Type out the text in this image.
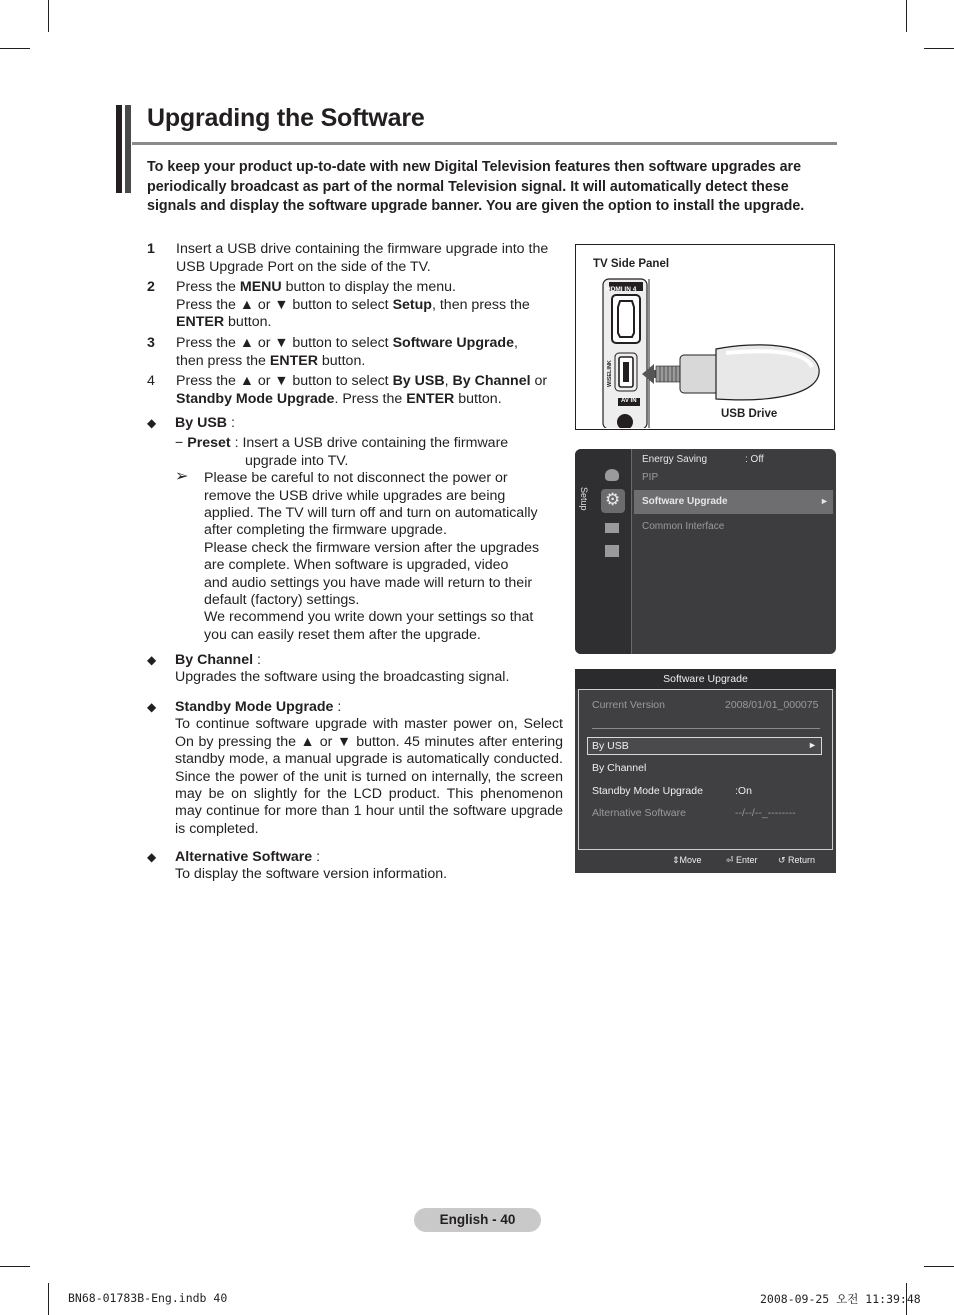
Upgrading the Software

To keep your product up-to-date with new Digital Television features then software upgrades are periodically broadcast as part of the normal Television signal. It will automatically detect these signals and display the software upgrade banner. You are given the option to install the upgrade.

1 Insert a USB drive containing the firmware upgrade into the
USB Upgrade Port on the side of the TV.
2 Press the MENU button to display the menu.
Press the ▲ or ▼ button to select Setup, then press the
ENTER button.
3 Press the ▲ or ▼ button to select Software Upgrade,
then press the ENTER button.
4 Press the ▲ or ▼ button to select By USB, By Channel or
Standby Mode Upgrade. Press the ENTER button.
◆ By USB :
− Preset : Insert a USB drive containing the firmware
upgrade into TV.
➢ Please be careful to not disconnect the power or
remove the USB drive while upgrades are being
applied. The TV will turn off and turn on automatically
after completing the firmware upgrade.
Please check the firmware version after the upgrades
are complete. When software is upgraded, video
and audio settings you have made will return to their
default (factory) settings.
We recommend you write down your settings so that
you can easily reset them after the upgrade.
◆ By Channel :
Upgrades the software using the broadcasting signal.
◆ Standby Mode Upgrade :
To continue software upgrade with master power on, Select On by pressing the ▲ or ▼ button. 45 minutes after entering standby mode, a manual upgrade is automatically conducted. Since the power of the unit is turned on internally, the screen may be on slightly for the LCD product. This phenomenon may continue for more than 1 hour until the software upgrade is completed.
◆ Alternative Software :
To display the software version information.
TV Side Panel
HDMI IN 4
WISELINK
AV IN
USB Drive
Setup ⚙
Energy Saving	: Off
PIP
Software Upgrade	►
Common Interface
Software Upgrade
Current Version	2008/01/01_000075
By USB	►
By Channel
Standby Mode Upgrade	:On
Alternative Software	--/--/--_--------
⇕Move	⏎ Enter ↺ Return
English - 40
BN68-01783B-Eng.indb 40	2008-09-25 오전 11:39:48
